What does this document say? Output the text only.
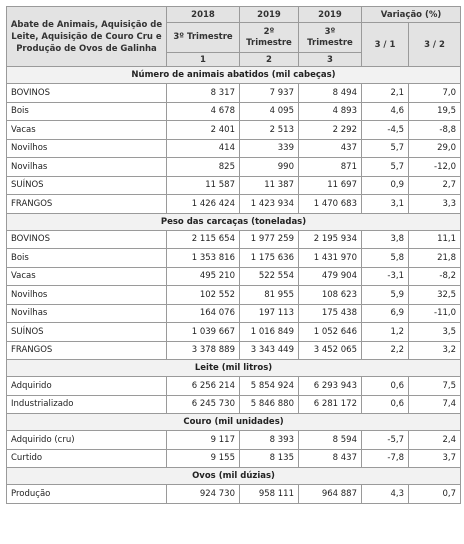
Abate de Animais, Aquisição de Leite, Aquisição de Couro Cru e Produção de Ovos de Galinha	2018	2019	2019	Variação (%)	
	3º Trimestre	2º Trimestre	3º Trimestre	3 / 1	3 / 2
	1	2	3		
Número de animais abatidos (mil cabeças)					
BOVINOS	8 317	7 937	8 494	2,1	7,0
Bois	4 678	4 095	4 893	4,6	19,5
Vacas	2 401	2 513	2 292	-4,5	-8,8
Novilhos	414	339	437	5,7	29,0
Novilhas	825	990	871	5,7	-12,0
SUÍNOS	11 587	11 387	11 697	0,9	2,7
FRANGOS	1 426 424	1 423 934	1 470 683	3,1	3,3
Peso das carcaças (toneladas)					
BOVINOS	2 115 654	1 977 259	2 195 934	3,8	11,1
Bois	1 353 816	1 175 636	1 431 970	5,8	21,8
Vacas	495 210	522 554	479 904	-3,1	-8,2
Novilhos	102 552	81 955	108 623	5,9	32,5
Novilhas	164 076	197 113	175 438	6,9	-11,0
SUÍNOS	1 039 667	1 016 849	1 052 646	1,2	3,5
FRANGOS	3 378 889	3 343 449	3 452 065	2,2	3,2
Leite (mil litros)					
Adquirido	6 256 214	5 854 924	6 293 943	0,6	7,5
Industrializado	6 245 730	5 846 880	6 281 172	0,6	7,4
Couro (mil unidades)					
Adquirido (cru)	9 117	8 393	8 594	-5,7	2,4
Curtido	9 155	8 135	8 437	-7,8	3,7
Ovos (mil dúzias)					
Produção	924 730	958 111	964 887	4,3	0,7
